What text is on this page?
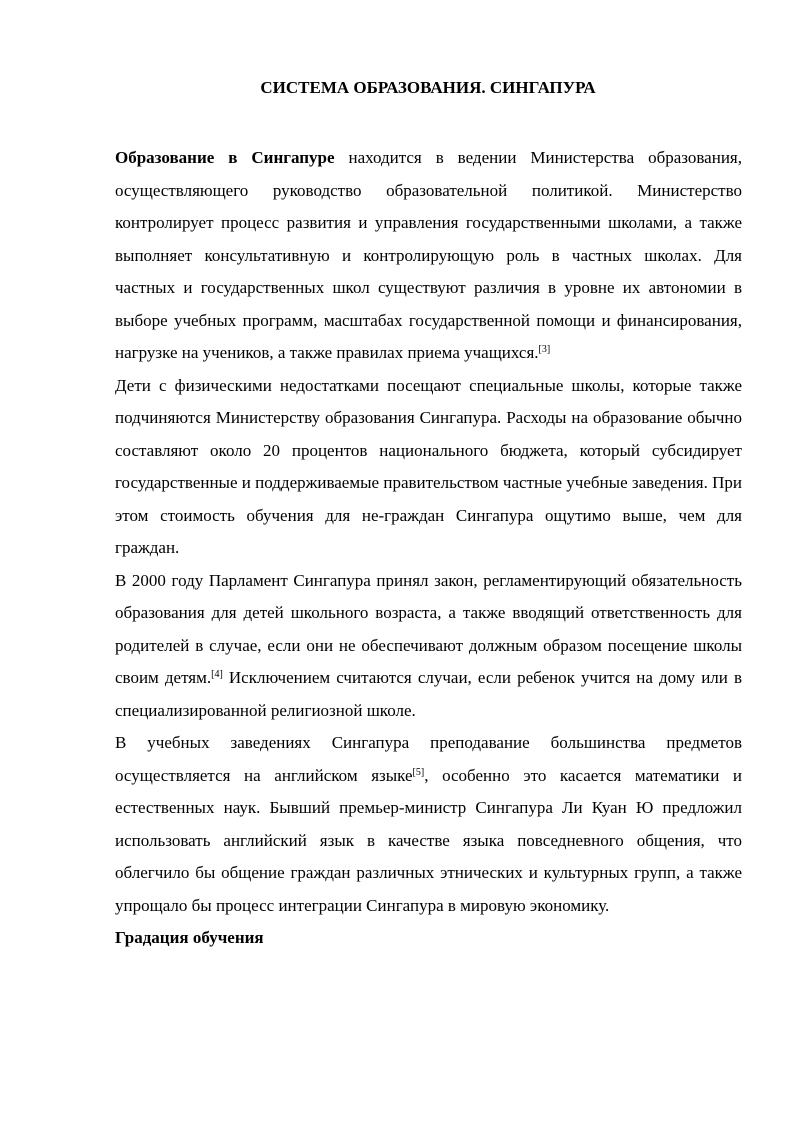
СИСТЕМА ОБРАЗОВАНИЯ. СИНГАПУРА

Образование в Сингапуре находится в ведении Министерства образования, осуществляющего руководство образовательной политикой. Министерство контролирует процесс развития и управления государственными школами, а также выполняет консультативную и контролирующую роль в частных школах. Для частных и государственных школ существуют различия в уровне их автономии в выборе учебных программ, масштабах государственной помощи и финансирования, нагрузке на учеников, а также правилах приема учащихся.[3]

Дети с физическими недостатками посещают специальные школы, которые также подчиняются Министерству образования Сингапура. Расходы на образование обычно составляют около 20 процентов национального бюджета, который субсидирует государственные и поддерживаемые правительством частные учебные заведения. При этом стоимость обучения для не-граждан Сингапура ощутимо выше, чем для граждан.

В 2000 году Парламент Сингапура принял закон, регламентирующий обязательность образования для детей школьного возраста, а также вводящий ответственность для родителей в случае, если они не обеспечивают должным образом посещение школы своим детям.[4] Исключением считаются случаи, если ребенок учится на дому или в специализированной религиозной школе.

В учебных заведениях Сингапура преподавание большинства предметов осуществляется на английском языке[5], особенно это касается математики и естественных наук. Бывший премьер-министр Сингапура Ли Куан Ю предложил использовать английский язык в качестве языка повседневного общения, что облегчило бы общение граждан различных этнических и культурных групп, а также упрощало бы процесс интеграции Сингапура в мировую экономику.

Градация обучения
